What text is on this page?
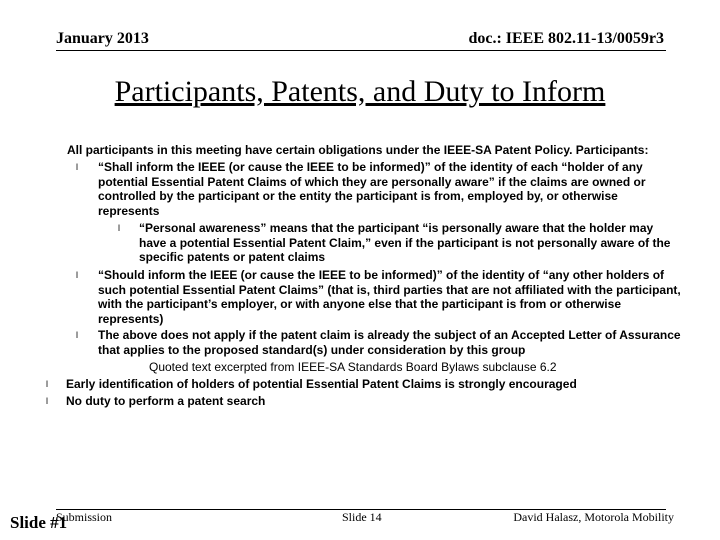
January 2013	doc.: IEEE 802.11-13/0059r3
Participants, Patents, and Duty to Inform
All participants in this meeting have certain obligations under the IEEE-SA Patent Policy. Participants:
l “Shall inform the IEEE (or cause the IEEE to be informed)” of the identity of each “holder of any
potential Essential Patent Claims of which they are personally aware” if the claims are owned or
controlled by the participant or the entity the participant is from, employed by, or otherwise
represents
l “Personal awareness” means that the participant “is personally aware that the holder may
have a potential Essential Patent Claim,” even if the participant is not personally aware of the
specific patents or patent claims
l “Should inform the IEEE (or cause the IEEE to be informed)” of the identity of “any other holders of
such potential Essential Patent Claims” (that is, third parties that are not affiliated with the participant,
with the participant’s employer, or with anyone else that the participant is from or otherwise
represents)
l The above does not apply if the patent claim is already the subject of an Accepted Letter of Assurance
that applies to the proposed standard(s) under consideration by this group
Quoted text excerpted from IEEE-SA Standards Board Bylaws subclause 6.2
l Early identification of holders of potential Essential Patent Claims is strongly encouraged
l No duty to perform a patent search
Slide #1
Submission	Slide 14	David Halasz, Motorola Mobility
